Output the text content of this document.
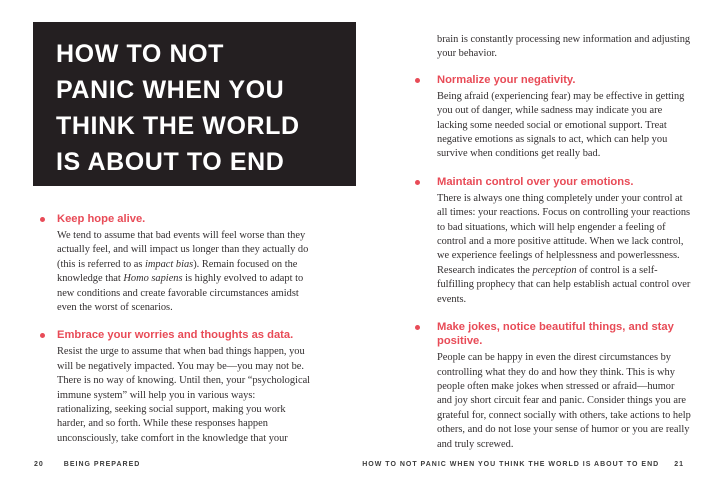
HOW TO NOT
PANIC WHEN YOU
THINK THE WORLD
IS ABOUT TO END
Keep hope alive.
We tend to assume that bad events will feel worse than they actually feel, and will impact us longer than they actually do (this is referred to as impact bias). Remain focused on the knowledge that Homo sapiens is highly evolved to adapt to new conditions and create favorable circumstances amidst even the worst of scenarios.
Embrace your worries and thoughts as data.
Resist the urge to assume that when bad things happen, you will be negatively impacted. You may be—you may not be. There is no way of knowing. Until then, your “psychological immune system” will help you in various ways: rationalizing, seeking social support, making you work harder, and so forth. While these responses happen unconsciously, take comfort in the knowledge that your
brain is constantly processing new information and adjusting your behavior.
Normalize your negativity.
Being afraid (experiencing fear) may be effective in getting you out of danger, while sadness may indicate you are lacking some needed social or emotional support. Treat negative emotions as signals to act, which can help you survive when conditions get really bad.
Maintain control over your emotions.
There is always one thing completely under your control at all times: your reactions. Focus on controlling your reactions to bad situations, which will help engender a feeling of control and a more positive attitude. When we lack control, we experience feelings of helplessness and powerlessness. Research indicates the perception of control is a self-fulfilling prophecy that can help establish actual control over events.
Make jokes, notice beautiful things, and stay positive.
People can be happy in even the direst circumstances by controlling what they do and how they think. This is why people often make jokes when stressed or afraid—humor and joy short circuit fear and panic. Consider things you are grateful for, connect socially with others, take actions to help others, and do not lose your sense of humor or you are really and truly screwed.
20	BEING PREPARED	HOW TO NOT PANIC WHEN YOU THINK THE WORLD IS ABOUT TO END 21
